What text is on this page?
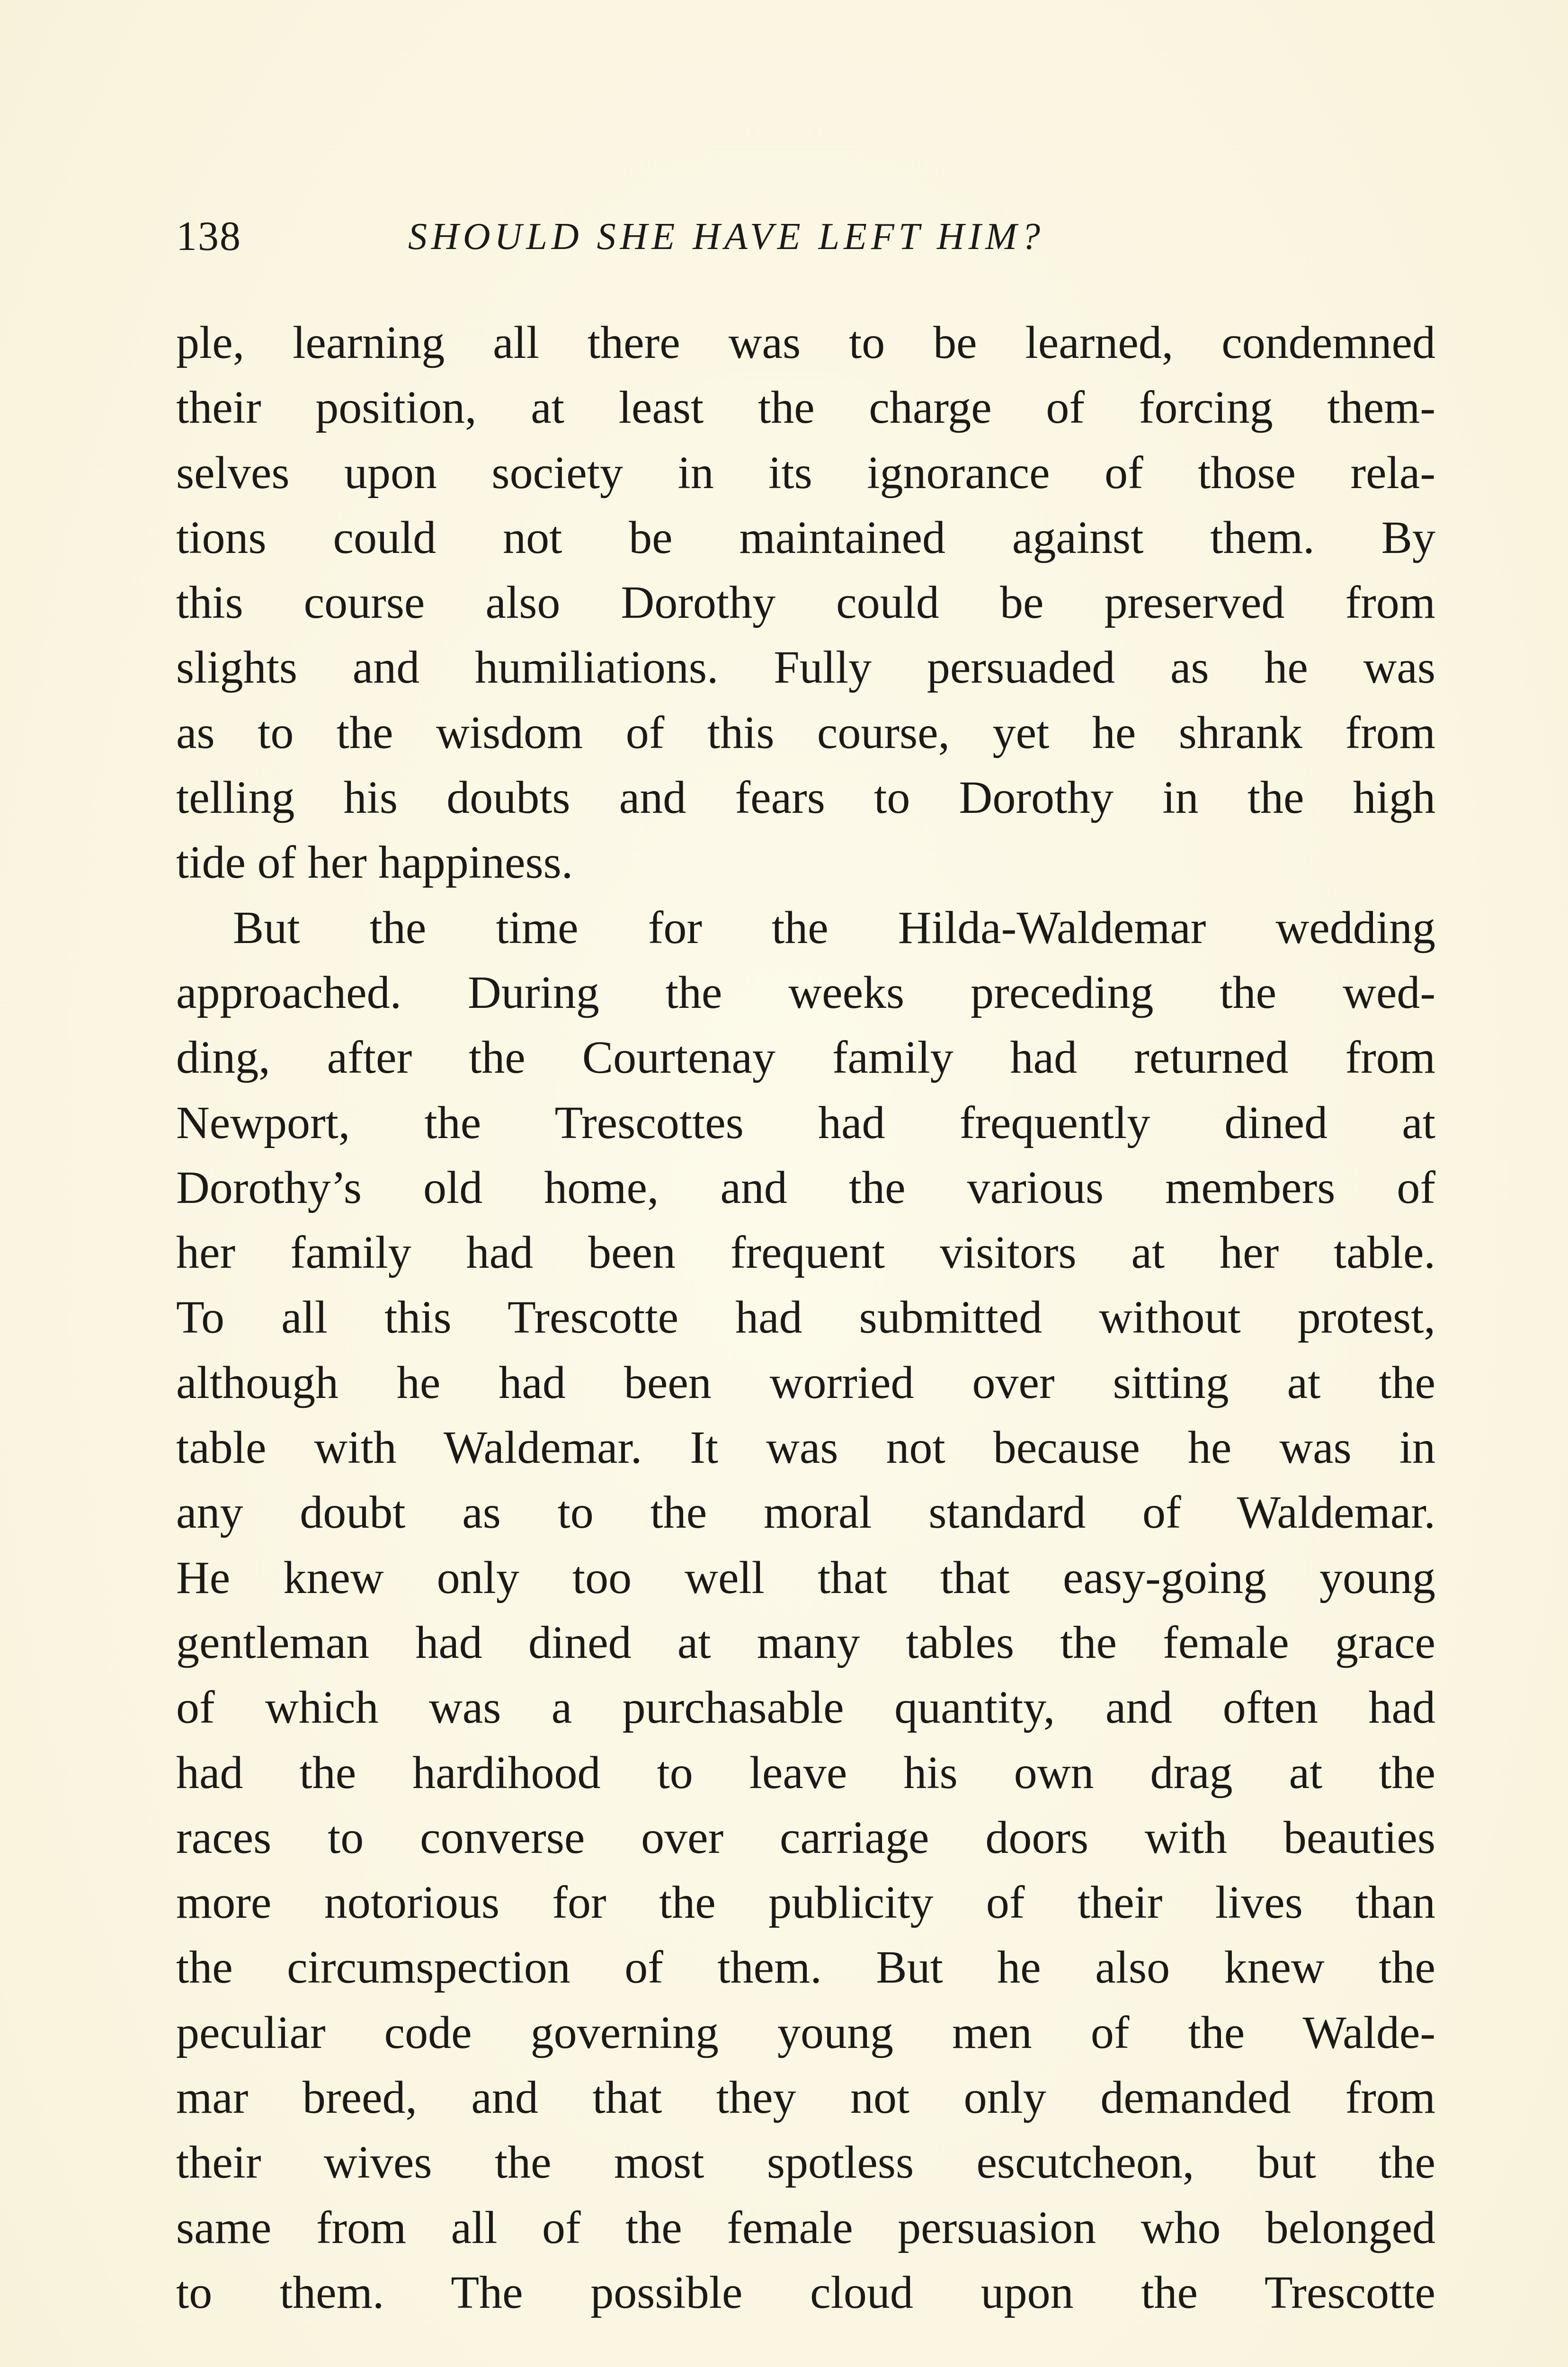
138	SHOULD SHE HAVE LEFT HIM?
ple, learning all there was to be learned, condemned
their position, at least the charge of forcing them-
selves upon society in its ignorance of those rela-
tions could not be maintained against them. By
this course also Dorothy could be preserved from
slights and humiliations. Fully persuaded as he was
as to the wisdom of this course, yet he shrank from
telling his doubts and fears to Dorothy in the high
tide of her happiness.
But the time for the Hilda-Waldemar wedding
approached. During the weeks preceding the wed-
ding, after the Courtenay family had returned from
Newport, the Trescottes had frequently dined at
Dorothy’s old home, and the various members of
her family had been frequent visitors at her table.
To all this Trescotte had submitted without protest,
although he had been worried over sitting at the
table with Waldemar. It was not because he was in
any doubt as to the moral standard of Waldemar.
He knew only too well that that easy-going young
gentleman had dined at many tables the female grace
of which was a purchasable quantity, and often had
had the hardihood to leave his own drag at the
races to converse over carriage doors with beauties
more notorious for the publicity of their lives than
the circumspection of them. But he also knew the
peculiar code governing young men of the Walde-
mar breed, and that they not only demanded from
their wives the most spotless escutcheon, but the
same from all of the female persuasion who belonged
to them. The possible cloud upon the Trescotte
